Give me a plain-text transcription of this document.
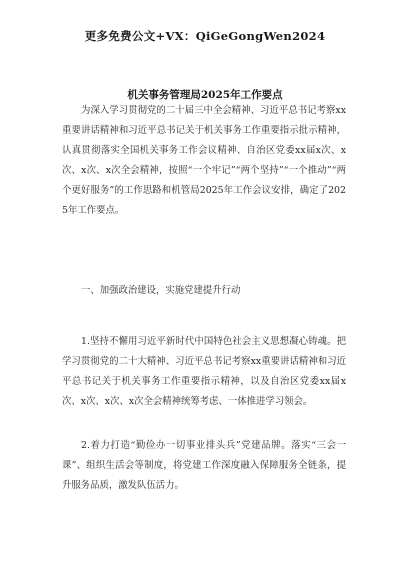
更多免费公文+VX：QiGeGongWen2024
机关事务管理局2025年工作要点
为深入学习贯彻党的二十届三中全会精神、习近平总书记考察xx重要讲话精神和习近平总书记关于机关事务工作重要指示批示精神，认真贯彻落实全国机关事务工作会议精神、自治区党委xx届x次、x次、x次、x次全会精神，按照“一个牢记”“两个坚持”“一个推动”“两个更好服务”的工作思路和机管局2025年工作会议安排，确定了2025年工作要点。
一、加强政治建设，实施党建提升行动
1.坚持不懈用习近平新时代中国特色社会主义思想凝心铸魂。把学习贯彻党的二十大精神、习近平总书记考察xx重要讲话精神和习近平总书记关于机关事务工作重要指示精神，以及自治区党委xx届x次、x次、x次、x次全会精神统筹考虑、一体推进学习领会。
2.着力打造“勤俭办一切事业排头兵”党建品牌。落实“三会一课”、组织生活会等制度，将党建工作深度融入保障服务全链条，提升服务品质，激发队伍活力。
